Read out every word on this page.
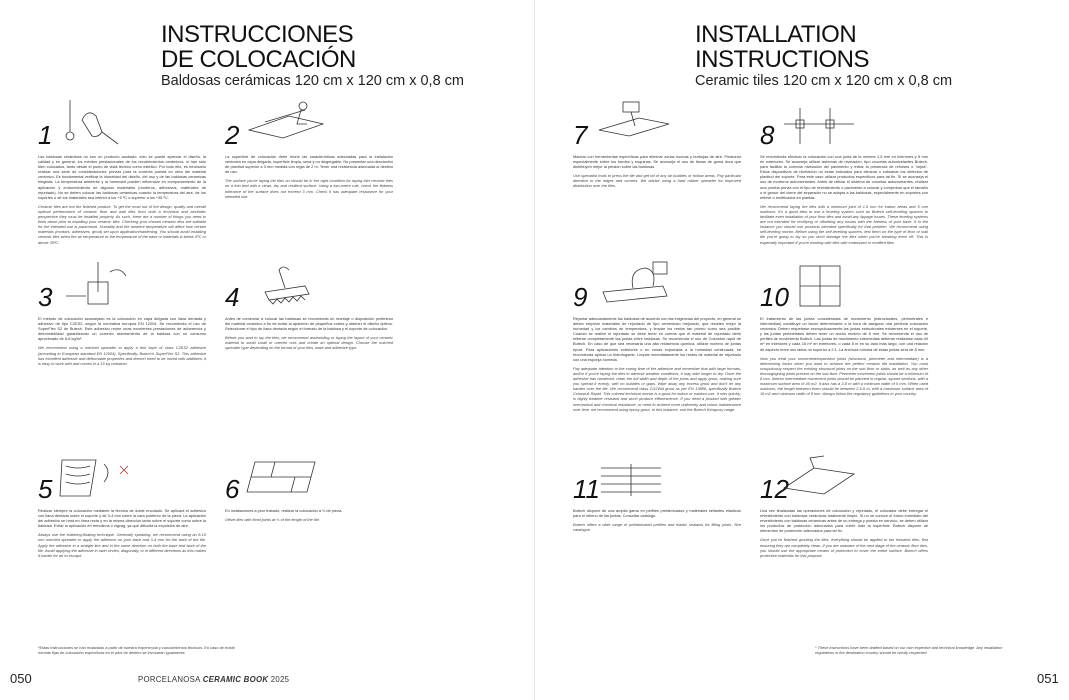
INSTRUCCIONES
DE COLOCACIÓN
Baldosas cerámicas 120 cm x 120 cm x 0,8 cm
1

Las baldosas cerámicas no son un producto acabado, sólo se puede apreciar el diseño, la calidad y en general, los méritos prestacionales de los recubrimientos cerámicos, si han sido bien colocados, tanto desde el punto de vista técnico como estético. Por todo ello, es necesario realizar una serie de consideraciones previas para la correcta puesta en obra del material cerámico. Es fundamental verificar la idoneidad del diseño, del uso y de las baldosas cerámicas elegidas. La temperatura ambiente y la humedad pueden influenciar en comportamiento de la aplicación y endurecimiento de algunos materiales (morteros, adhesivos, materiales de rejuntado). No se deben colocar las baldosas cerámicas cuando la temperatura del aire, de los soportes o de los materiales sea inferior a los +5 ºC o superior a los +35 ºC.

Ceramic tiles are not the finished product. To get the most out of the design, quality and overall optimal performance of ceramic floor and wall tiles from both a technical and aesthetic perspective they must be installed properly. As such, there are a number of things you need to think about prior to installing your ceramic tiles. Checking your chosen ceramic tiles are suitable for the intended use is paramount. Humidity and the ambient temperature will affect how certain materials (mortars, adhesives, grout) set upon application/hardening. You should avoid installing ceramic tiles when the air temperature or the temperature of the base or materials is below 5ºC or above 35ºC.

2

La superficie de colocación debe reunir las características adecuadas para la instalación cerámica en capa delgada, superficie limpia, seca y no disgregable. No presentar una desviación de planitud superior a 3 mm medida con regla de 2 m. Tener una resistencia adecuada al destino de uso.

The surface you're laying the tiles on should be in the right condition for laying thin ceramic tiles on a thin bed with a clean, dry and resilient surface. Using a two-metre rule, check the flatness tolerance of the surface does not exceed 3 mm. Check it has adequate resistance for your intended use.

3

El método de colocación aconsejado es la colocación en capa delgada con llana dentada y adhesivo de tipo C2ES2, según la normativa europea EN 12004. Se recomienda el uso de SuperFlex S2 de Butech. Este adhesivo reúne unas excelentes prestaciones de adherencia y deformabilidad garantizando un correcto asentamiento de la baldosa con un consumo aproximado de 6-8 kg/m².

We recommend using a notched spreader to apply a thin layer of class C2ES2 adhesive (according to European standard EN 12004). Specifically, Butech's SuperFlex S2. This adhesive has excellent adhesive and deformable properties and doesn't need to be mixed with additives; it is easy to work with and comes in a 15 kg container.

4

Antes de comenzar a colocar las baldosas se recomienda un montaje o disposición preliminar del material cerámico a fin de evitar la aparición de pequeños cortes y obtener el diseño óptimo. Seleccionar el tipo de llana dentada según el formato de la baldosa y el soporte de colocación.

Before you start to lay the tiles, we recommend assembling or laying the layout of your ceramic material to avoid small or uneven cuts and create an optimal design. Choose the notched spreader type depending on the format of your tiles, base and adhesive type.

5

Realizar siempre la colocación mediante la técnica de doble encolado. Se aplicará el adhesivo con llana dentada sobre el soporte y de 3-4 mm sobre la cara posterior de la pieza. La aplicación del adhesivo se hará en línea recta y en la misma dirección tanto sobre el soporte como sobre la baldosa. Evitar la aplicación en remolinos o zigzag, ya que dificulta la expulsión de aire.

Always use the buttering-floating technique. Generally speaking, we recommend using an 8-10 mm notched spreader to apply the adhesive on your base and 3-4 mm for the back of the tile. Apply the adhesive in a straight line and in the same direction on both the base and back of the tile. Avoid applying the adhesive in swirl circles, diagonally, or in different directions as this makes it harder for air to escape.

6

En instalaciones a pino trabado, realizar la colocación a ⅓ de pieza.

Offset tiles with fixed joints at ⅓ of the length of the tile.

*Estas instrucciones se han redactado a partir de nuestra experiencia y conocimientos técnicos. En caso de existir normas fijas de colocación específicas en el país de destino se invocarán igualmente.
050	PORCELANOSA CERAMIC BOOK 2025
INSTALLATION
INSTRUCTIONS
Ceramic tiles 120 cm x 120 cm x 0,8 cm
7

Macear con herramientas específicas para eliminar zonas huecas y burbujas de aire. Presionar especialmente sobre los bordes y esquinas. Se aconseja el uso de llanas de goma dura que distribuyen mejor la presión sobre las baldosas.

Use specialist tools to press the tile and get rid of any air bubbles or hollow areas. Pay particular attention to the edges and corners. We advise using a hard rubber spreader for improved distribution over the tiles.

8

Se recomienda efectuar la colocación con una junta de la mínima 1,5 mm en interiores y 5 mm en exteriores. Se aconseja utilizar sistemas de nivelación, tipo crucetas autonivelantes Butech, para facilitar la correcta nivelación del pavimento y evitar la presencia de rehúses o "cejas". Estos dispositivos de nivelación no están indicados para eliminar o subsanar los defectos de planitud del soporte. Para este caso utilizar productos específicos para tal fin. Si se aconseja el uso de morteros autonivelantes. Antes de utilizar el sistema de crucetas autonivelantes, realizar una prueba previa con el tipo de revestimiento o pavimento a colocar y comprobar que el tamaño o el grosor del cierre del separador no se adapta a las baldosas, especialmente en soportes con relieve o rectificados en plantas.

We recommend laying the tiles with a minimum joint of 1.5 mm for indoor areas and 5 mm outdoors. It's a good idea to use a leveling system such as Butech self-levelling spacers to facilitate even installation of your floor tiles and avoid any lippage issues. These leveling systems are not intended for rectifying or offsetting any issues with the flatness of your base. If in the instance you should use products intended specifically for that problem. We recommend using self-leveling mortar. Before using the self-levelling spacers, test them on the type of floor or wall tile you're going to lay so you don't damage the tiles when you're breaking them off. This is especially important if you're working with tiles with embossed or rectified tiles.

9

Rejuntar adecuadamente las baldosas de acuerdo con las exigencias del proyecto, en general se deben emplear materiales de rejuntado de tipo cementoso mejorado, que resisten mejor la humedad y los cambios de temperatura, y limpiar los restos tan pronto como sea posible. Cuando se realice el rejuntado se debe tener en cuenta que el material de rejuntado debe rellenar completamente las juntas entre baldosas. Se recomienda el uso de Colorstuk rapid de Butech. En caso de que sea necesaria una alta resistencia química, utilizar mortero de juntas epoxi. Para aplicaciones exteriores o en zonas expuestas a la humedad continuada, se recomienda aplicar un hidrofugante. Limpiar inmediatamente los restos de material de rejuntado con una esponja húmeda.

Pay adequate attention to the curing time of the adhesive and remember that with large formats, and/or if you're laying the tiles in adverse weather conditions, it may take longer to dry. Once the adhesive has hardened, clean the full width and depth of the joints and apply grout, making sure you spread it evenly, with no bubbles or gaps. Wipe away any excess grout and don't let any harden over the tile. We recommend class CG2WA grout as per EN 13888, specifically Butech Colorstuk Rapid. This colored technical mortar is a good for indoor or outdoor use. It sets quickly, is highly weather resistant and won't produce efflorescence. If you need a product with greater mechanical and chemical resistance, or need to achieve more uniformity and colour maintenance over time, we recommend using epoxy grout. In this instance, use the Butech Kerapoxy range.

10

El tratamiento de las juntas consideradas de movimiento (estructurales, perimetrales e intermedias) constituye un factor determinante a la hora de asegurar una perfecta colocación cerámica. Deben respetarse escrupulosamente las juntas estructurales existentes en el soporte, y las juntas perimetrales deben tener un ancho mínimo de 8 mm. Se recomienda el uso de perfiles de movimiento Butech. Las juntas de movimiento intermedias deberán realizarse cada 40 m² en interiores y cada 16 m² en exteriores, o cada 8 m en su lado más largo, con una relación de aspecto entre sus lados no superior a 2:1. La anchura mínima de estas juntas será de 8 mm.

Now you treat your movement/expansion joints (structural, perimeter and intermediate) is a determining factor when you want to achieve the perfect ceramic tile installation. You must scrupulously respect the existing structural joints on the sub floor or slabs, as well as any other thoroughgoing joints present on the sub-floor. Perimeter movement joints should be a minimum of 8 mm. Interior intermediate movement joints should be planned in regular, square sections, with a maximum surface area of 40 m2. It also has a 3-8 m with a minimum width of 5 mm. When used outdoors, the length between them should be between 2.5-5 m, with a maximum surface area of 16 m2 and minimum width of 8 mm. Always follow the regulatory guidelines in your country.

11

Butech dispone de una amplia gama en perfiles prefabricados y materiales sellantes elásticos para el relleno de las juntas. Consultar catálogo.

Butech offers a wide range of prefabricated profiles and elastic sealants for filling joints. See catalogue.

12

Una vez finalizadas las operaciones de colocación y rejuntado, el colocador debe entregar el revestimiento con baldosas cerámicas totalmente limpio. Si no se conoce el futuro inmediato del revestimiento con baldosas cerámicas antes de su entrega y puesta en servicio, se deben utilizar los productos de protección adecuados para cubrir todo la superficie. Butech dispone de elementos de protección adecuados para tal fin.

Once you've finished grouting the tiles, everything should be applied to the heaviest tiles, first ensuring they are completely clean. If you are unaware of the next stage of the ceramic floor tiles, you should use the appropriate means of protection to cover the entire surface. Butech offers protective materials for this purpose.

* These instructions have been drafted based on our own expertise and technical knowledge. Any installation regulations in the destination country should be wholly respected.
051
